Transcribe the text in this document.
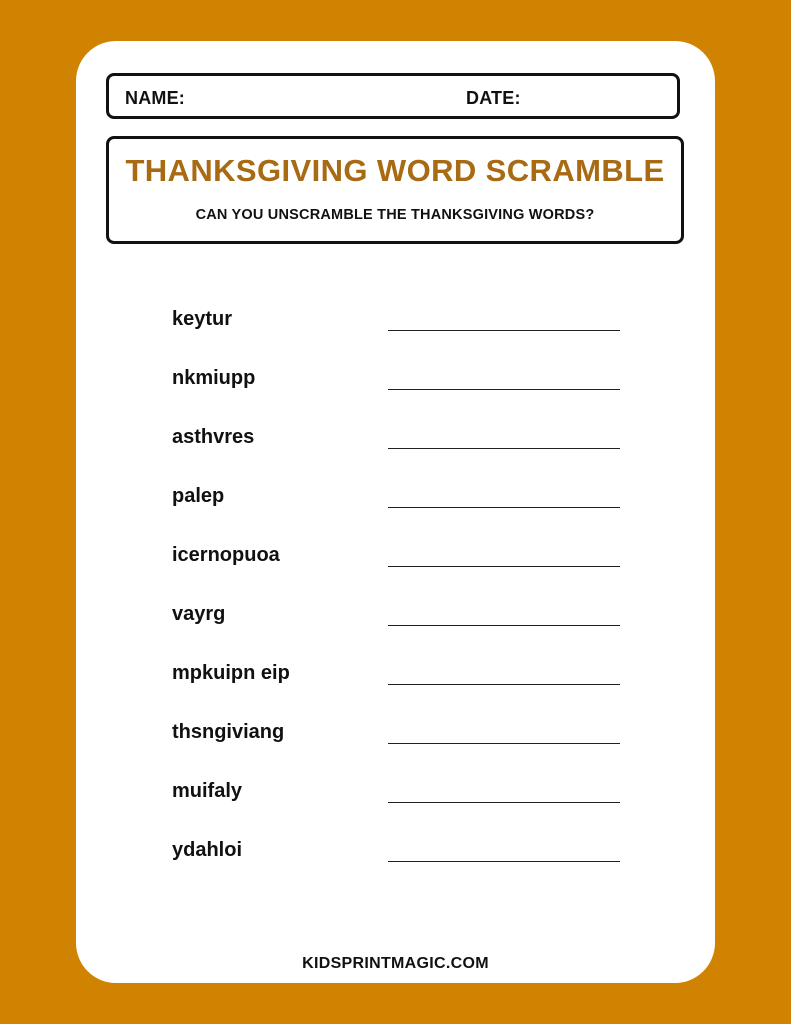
NAME:	DATE:
THANKSGIVING WORD SCRAMBLE
CAN YOU UNSCRAMBLE THE THANKSGIVING WORDS?
keytur
nkmiupp
asthvres
palep
icernopuoa
vayrg
mpkuipn eip
thsngiviang
muifaly
ydahloi
KIDSPRINTMAGIC.COM
